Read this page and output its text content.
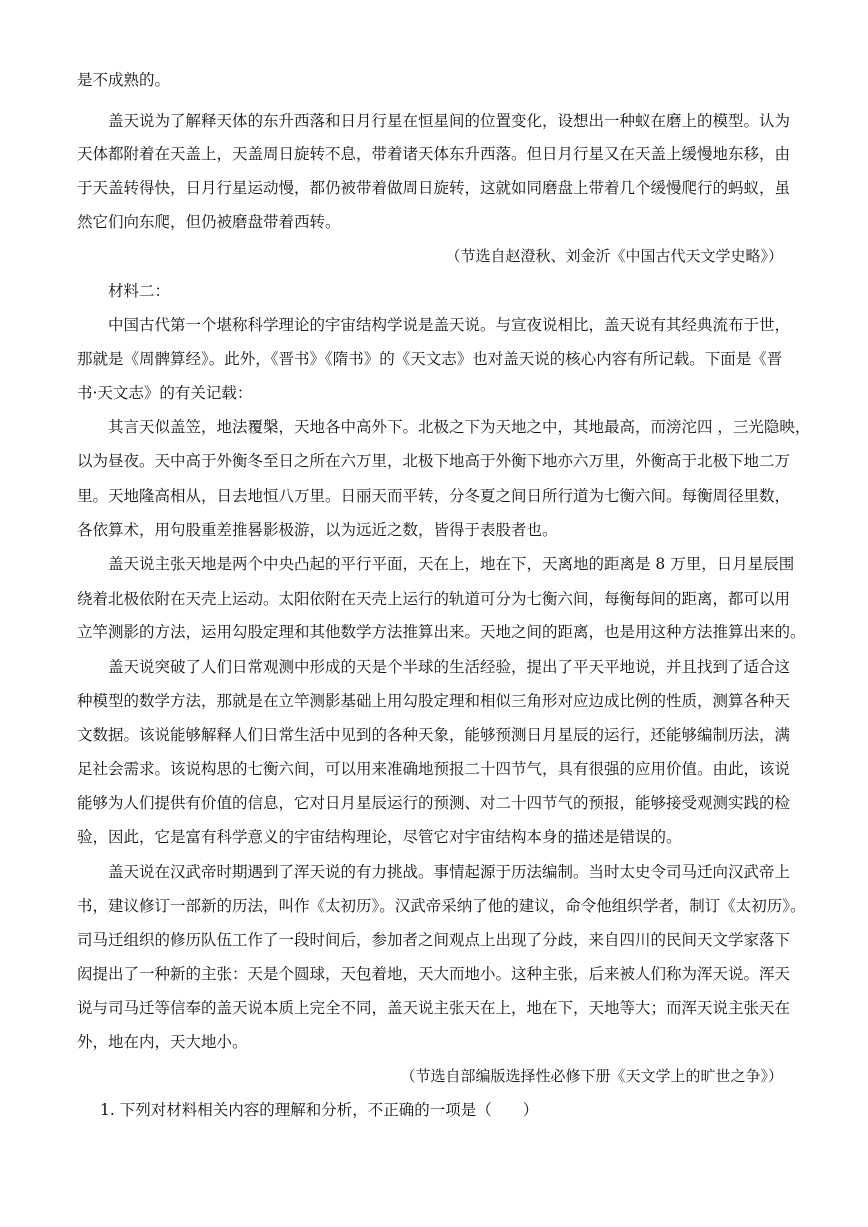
是不成熟的。
盖天说为了解释天体的东升西落和日月行星在恒星间的位置变化，设想出一种蚁在磨上的模型。认为
天体都附着在天盖上，天盖周日旋转不息，带着诸天体东升西落。但日月行星又在天盖上缓慢地东移，由
于天盖转得快，日月行星运动慢，都仍被带着做周日旋转，这就如同磨盘上带着几个缓慢爬行的蚂蚁，虽
然它们向东爬，但仍被磨盘带着西转。
（节选自赵澄秋、刘金沂《中国古代天文学史略》）
材料二：
中国古代第一个堪称科学理论的宇宙结构学说是盖天说。与宣夜说相比，盖天说有其经典流布于世，
那就是《周髀算经》。此外，《晋书》《隋书》的《天文志》也对盖天说的核心内容有所记载。下面是《晋
书·天文志》的有关记载：
其言天似盖笠，地法覆槃，天地各中高外下。北极之下为天地之中，其地最高，而滂沱四 ，三光隐映，
以为昼夜。天中高于外衡冬至日之所在六万里，北极下地高于外衡下地亦六万里，外衡高于北极下地二万
里。天地隆高相从，日去地恒八万里。日丽天而平转，分冬夏之间日所行道为七衡六间。每衡周径里数，
各依算术，用句股重差推晷影极游，以为远近之数，皆得于表股者也。
盖天说主张天地是两个中央凸起的平行平面，天在上，地在下，天离地的距离是 8 万里，日月星辰围
绕着北极依附在天壳上运动。太阳依附在天壳上运行的轨道可分为七衡六间，每衡每间的距离，都可以用
立竿测影的方法，运用勾股定理和其他数学方法推算出来。天地之间的距离，也是用这种方法推算出来的。
盖天说突破了人们日常观测中形成的天是个半球的生活经验，提出了平天平地说，并且找到了适合这
种模型的数学方法，那就是在立竿测影基础上用勾股定理和相似三角形对应边成比例的性质，测算各种天
文数据。该说能够解释人们日常生活中见到的各种天象，能够预测日月星辰的运行，还能够编制历法，满
足社会需求。该说构思的七衡六间，可以用来准确地预报二十四节气，具有很强的应用价值。由此，该说
能够为人们提供有价值的信息，它对日月星辰运行的预测、对二十四节气的预报，能够接受观测实践的检
验，因此，它是富有科学意义的宇宙结构理论，尽管它对宇宙结构本身的描述是错误的。
盖天说在汉武帝时期遇到了浑天说的有力挑战。事情起源于历法编制。当时太史令司马迁向汉武帝上
书，建议修订一部新的历法，叫作《太初历》。汉武帝采纳了他的建议，命令他组织学者，制订《太初历》。
司马迁组织的修历队伍工作了一段时间后，参加者之间观点上出现了分歧，来自四川的民间天文学家落下
闳提出了一种新的主张：天是个圆球，天包着地，天大而地小。这种主张，后来被人们称为浑天说。浑天
说与司马迁等信奉的盖天说本质上完全不同，盖天说主张天在上，地在下，天地等大；而浑天说主张天在
外，地在内，天大地小。
（节选自部编版选择性必修下册《天文学上的旷世之争》）
1. 下列对材料相关内容的理解和分析，不正确的一项是（　　）
